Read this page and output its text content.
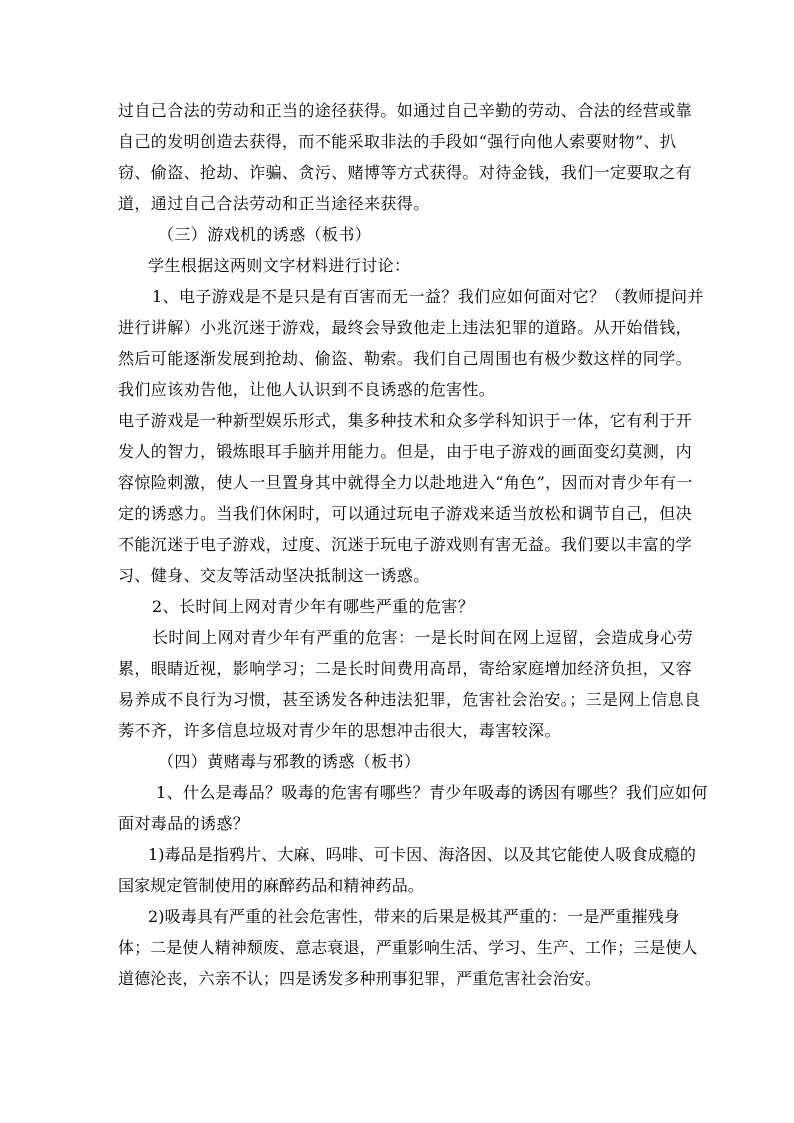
过自己合法的劳动和正当的途径获得。如通过自己辛勤的劳动、合法的经营或靠自己的发明创造去获得，而不能采取非法的手段如“强行向他人索要财物”、扒窃、偷盗、抢劫、诈骗、贪污、赌博等方式获得。对待金钱，我们一定要取之有道，通过自己合法劳动和正当途径来获得。

（三）游戏机的诱惑（板书）

学生根据这两则文字材料进行讨论：

1、电子游戏是不是只是有百害而无一益？我们应如何面对它？（教师提问并进行讲解）小兆沉迷于游戏，最终会导致他走上违法犯罪的道路。从开始借钱，然后可能逐渐发展到抢劫、偷盗、勒索。我们自己周围也有极少数这样的同学。我们应该劝告他，让他人认识到不良诱惑的危害性。

电子游戏是一种新型娱乐形式，集多种技术和众多学科知识于一体，它有利于开发人的智力，锻炼眼耳手脑并用能力。但是，由于电子游戏的画面变幻莫测，内容惊险刺激，使人一旦置身其中就得全力以赴地进入“角色”，因而对青少年有一定的诱惑力。当我们休闲时，可以通过玩电子游戏来适当放松和调节自己，但决不能沉迷于电子游戏，过度、沉迷于玩电子游戏则有害无益。我们要以丰富的学习、健身、交友等活动坚决抵制这一诱惑。

2、长时间上网对青少年有哪些严重的危害？

长时间上网对青少年有严重的危害：一是长时间在网上逗留，会造成身心劳累，眼睛近视，影响学习；二是长时间费用高昂，寄给家庭增加经济负担，又容易养成不良行为习惯，甚至诱发各种违法犯罪，危害社会治安。；三是网上信息良莠不齐，许多信息垃圾对青少年的思想冲击很大，毒害较深。

（四）黄赌毒与邪教的诱惑（板书）

1、什么是毒品？吸毒的危害有哪些？青少年吸毒的诱因有哪些？我们应如何面对毒品的诱惑？

1)毒品是指鸦片、大麻、吗啡、可卡因、海洛因、以及其它能使人吸食成瘾的国家规定管制使用的麻醉药品和精神药品。

2)吸毒具有严重的社会危害性，带来的后果是极其严重的：一是严重摧残身体；二是使人精神颓废、意志衰退，严重影响生活、学习、生产、工作；三是使人道德沦丧，六亲不认；四是诱发多种刑事犯罪，严重危害社会治安。
